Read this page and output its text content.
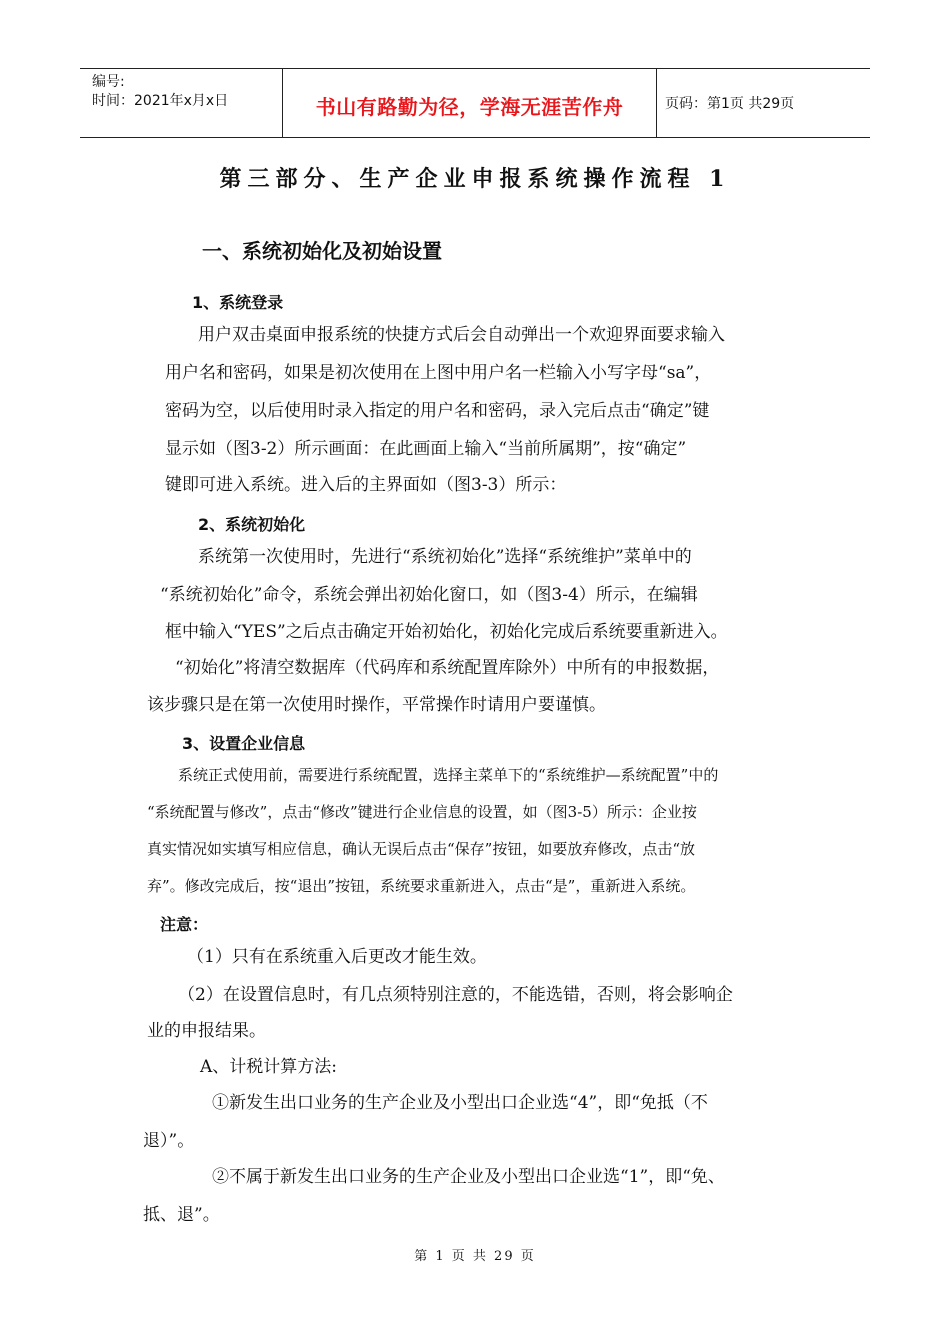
编号:
时间：2021年x月x日	书山有路勤为径，学海无涯苦作舟	页码：第1页 共29页
第三部分、生产企业申报系统操作流程 1
一、系统初始化及初始设置
1、系统登录
用户双击桌面申报系统的快捷方式后会自动弹出一个欢迎界面要求输入
用户名和密码，如果是初次使用在上图中用户名一栏输入小写字母“sa”，
密码为空，以后使用时录入指定的用户名和密码，录入完后点击“确定”键
显示如（图3-2）所示画面：在此画面上输入“当前所属期”，按“确定”
键即可进入系统。进入后的主界面如（图3-3）所示：
2、系统初始化
系统第一次使用时，先进行“系统初始化”选择“系统维护”菜单中的
“系统初始化”命令，系统会弹出初始化窗口，如（图3-4）所示，在编辑
框中输入“YES”之后点击确定开始初始化，初始化完成后系统要重新进入。
“初始化”将清空数据库（代码库和系统配置库除外）中所有的申报数据，
该步骤只是在第一次使用时操作，平常操作时请用户要谨慎。
3、设置企业信息
系统正式使用前，需要进行系统配置，选择主菜单下的“系统维护—系统配置”中的
“系统配置与修改”，点击“修改”键进行企业信息的设置，如（图3-5）所示：企业按
真实情况如实填写相应信息，确认无误后点击“保存”按钮，如要放弃修改，点击“放
弃”。修改完成后，按“退出”按钮，系统要求重新进入，点击“是”，重新进入系统。
注意：
（1）只有在系统重入后更改才能生效。
（2）在设置信息时，有几点须特别注意的，不能选错，否则，将会影响企
业的申报结果。
A、计税计算方法:
①新发生出口业务的生产企业及小型出口企业选“4”，即“免抵（不
退）”。
②不属于新发生出口业务的生产企业及小型出口企业选“1”，即“免、
抵、退”。
第 1 页 共 29 页
